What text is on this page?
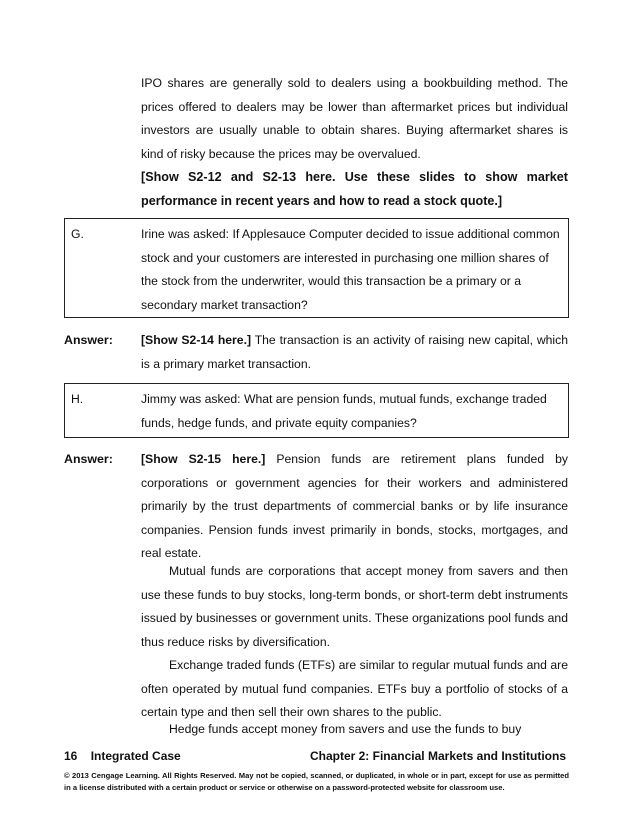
IPO shares are generally sold to dealers using a bookbuilding method. The prices offered to dealers may be lower than aftermarket prices but individual investors are usually unable to obtain shares. Buying aftermarket shares is kind of risky because the prices may be overvalued.
[Show S2-12 and S2-13 here. Use these slides to show market performance in recent years and how to read a stock quote.]
G.	Irine was asked: If Applesauce Computer decided to issue additional common stock and your customers are interested in purchasing one million shares of the stock from the underwriter, would this transaction be a primary or a secondary market transaction?
Answer: [Show S2-14 here.] The transaction is an activity of raising new capital, which is a primary market transaction.
H.	Jimmy was asked: What are pension funds, mutual funds, exchange traded funds, hedge funds, and private equity companies?
Answer: [Show S2-15 here.] Pension funds are retirement plans funded by corporations or government agencies for their workers and administered primarily by the trust departments of commercial banks or by life insurance companies. Pension funds invest primarily in bonds, stocks, mortgages, and real estate.
Mutual funds are corporations that accept money from savers and then use these funds to buy stocks, long-term bonds, or short-term debt instruments issued by businesses or government units. These organizations pool funds and thus reduce risks by diversification.
Exchange traded funds (ETFs) are similar to regular mutual funds and are often operated by mutual fund companies. ETFs buy a portfolio of stocks of a certain type and then sell their own shares to the public.
Hedge funds accept money from savers and use the funds to buy
16 Integrated Case	Chapter 2: Financial Markets and Institutions
© 2013 Cengage Learning. All Rights Reserved. May not be copied, scanned, or duplicated, in whole or in part, except for use as permitted in a license distributed with a certain product or service or otherwise on a password-protected website for classroom use.
